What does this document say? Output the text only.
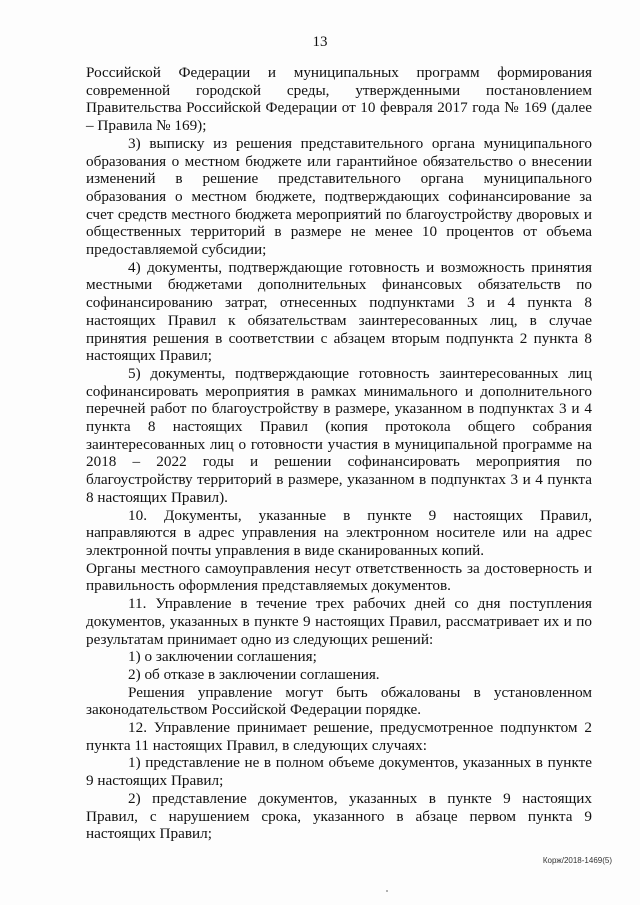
13

Российской Федерации и муниципальных программ формирования современной городской среды, утвержденными постановлением Правительства Российской Федерации от 10 февраля 2017 года № 169 (далее – Правила № 169);

3) выписку из решения представительного органа муниципального образования о местном бюджете или гарантийное обязательство о внесении изменений в решение представительного органа муниципального образования о местном бюджете, подтверждающих софинансирование за счет средств местного бюджета мероприятий по благоустройству дворовых и общественных территорий в размере не менее 10 процентов от объема предоставляемой субсидии;

4) документы, подтверждающие готовность и возможность принятия местными бюджетами дополнительных финансовых обязательств по софинансированию затрат, отнесенных подпунктами 3 и 4 пункта 8 настоящих Правил к обязательствам заинтересованных лиц, в случае принятия решения в соответствии с абзацем вторым подпункта 2 пункта 8 настоящих Правил;

5) документы, подтверждающие готовность заинтересованных лиц софинансировать мероприятия в рамках минимального и дополнительного перечней работ по благоустройству в размере, указанном в подпунктах 3 и 4 пункта 8 настоящих Правил (копия протокола общего собрания заинтересованных лиц о готовности участия в муниципальной программе на 2018 – 2022 годы и решении софинансировать мероприятия по благоустройству территорий в размере, указанном в подпунктах 3 и 4 пункта 8 настоящих Правил).

10. Документы, указанные в пункте 9 настоящих Правил, направляются в адрес управления на электронном носителе или на адрес электронной почты управления в виде сканированных копий.

Органы местного самоуправления несут ответственность за достоверность и правильность оформления представляемых документов.

11. Управление в течение трех рабочих дней со дня поступления документов, указанных в пункте 9 настоящих Правил, рассматривает их и по результатам принимает одно из следующих решений:

1) о заключении соглашения;

2) об отказе в заключении соглашения.

Решения управление могут быть обжалованы в установленном законодательством Российской Федерации порядке.

12. Управление принимает решение, предусмотренное подпунктом 2 пункта 11 настоящих Правил, в следующих случаях:

1) представление не в полном объеме документов, указанных в пункте 9 настоящих Правил;

2) представление документов, указанных в пункте 9 настоящих Правил, с нарушением срока, указанного в абзаце первом пункта 9 настоящих Правил;

Корж/2018-1469(5)
